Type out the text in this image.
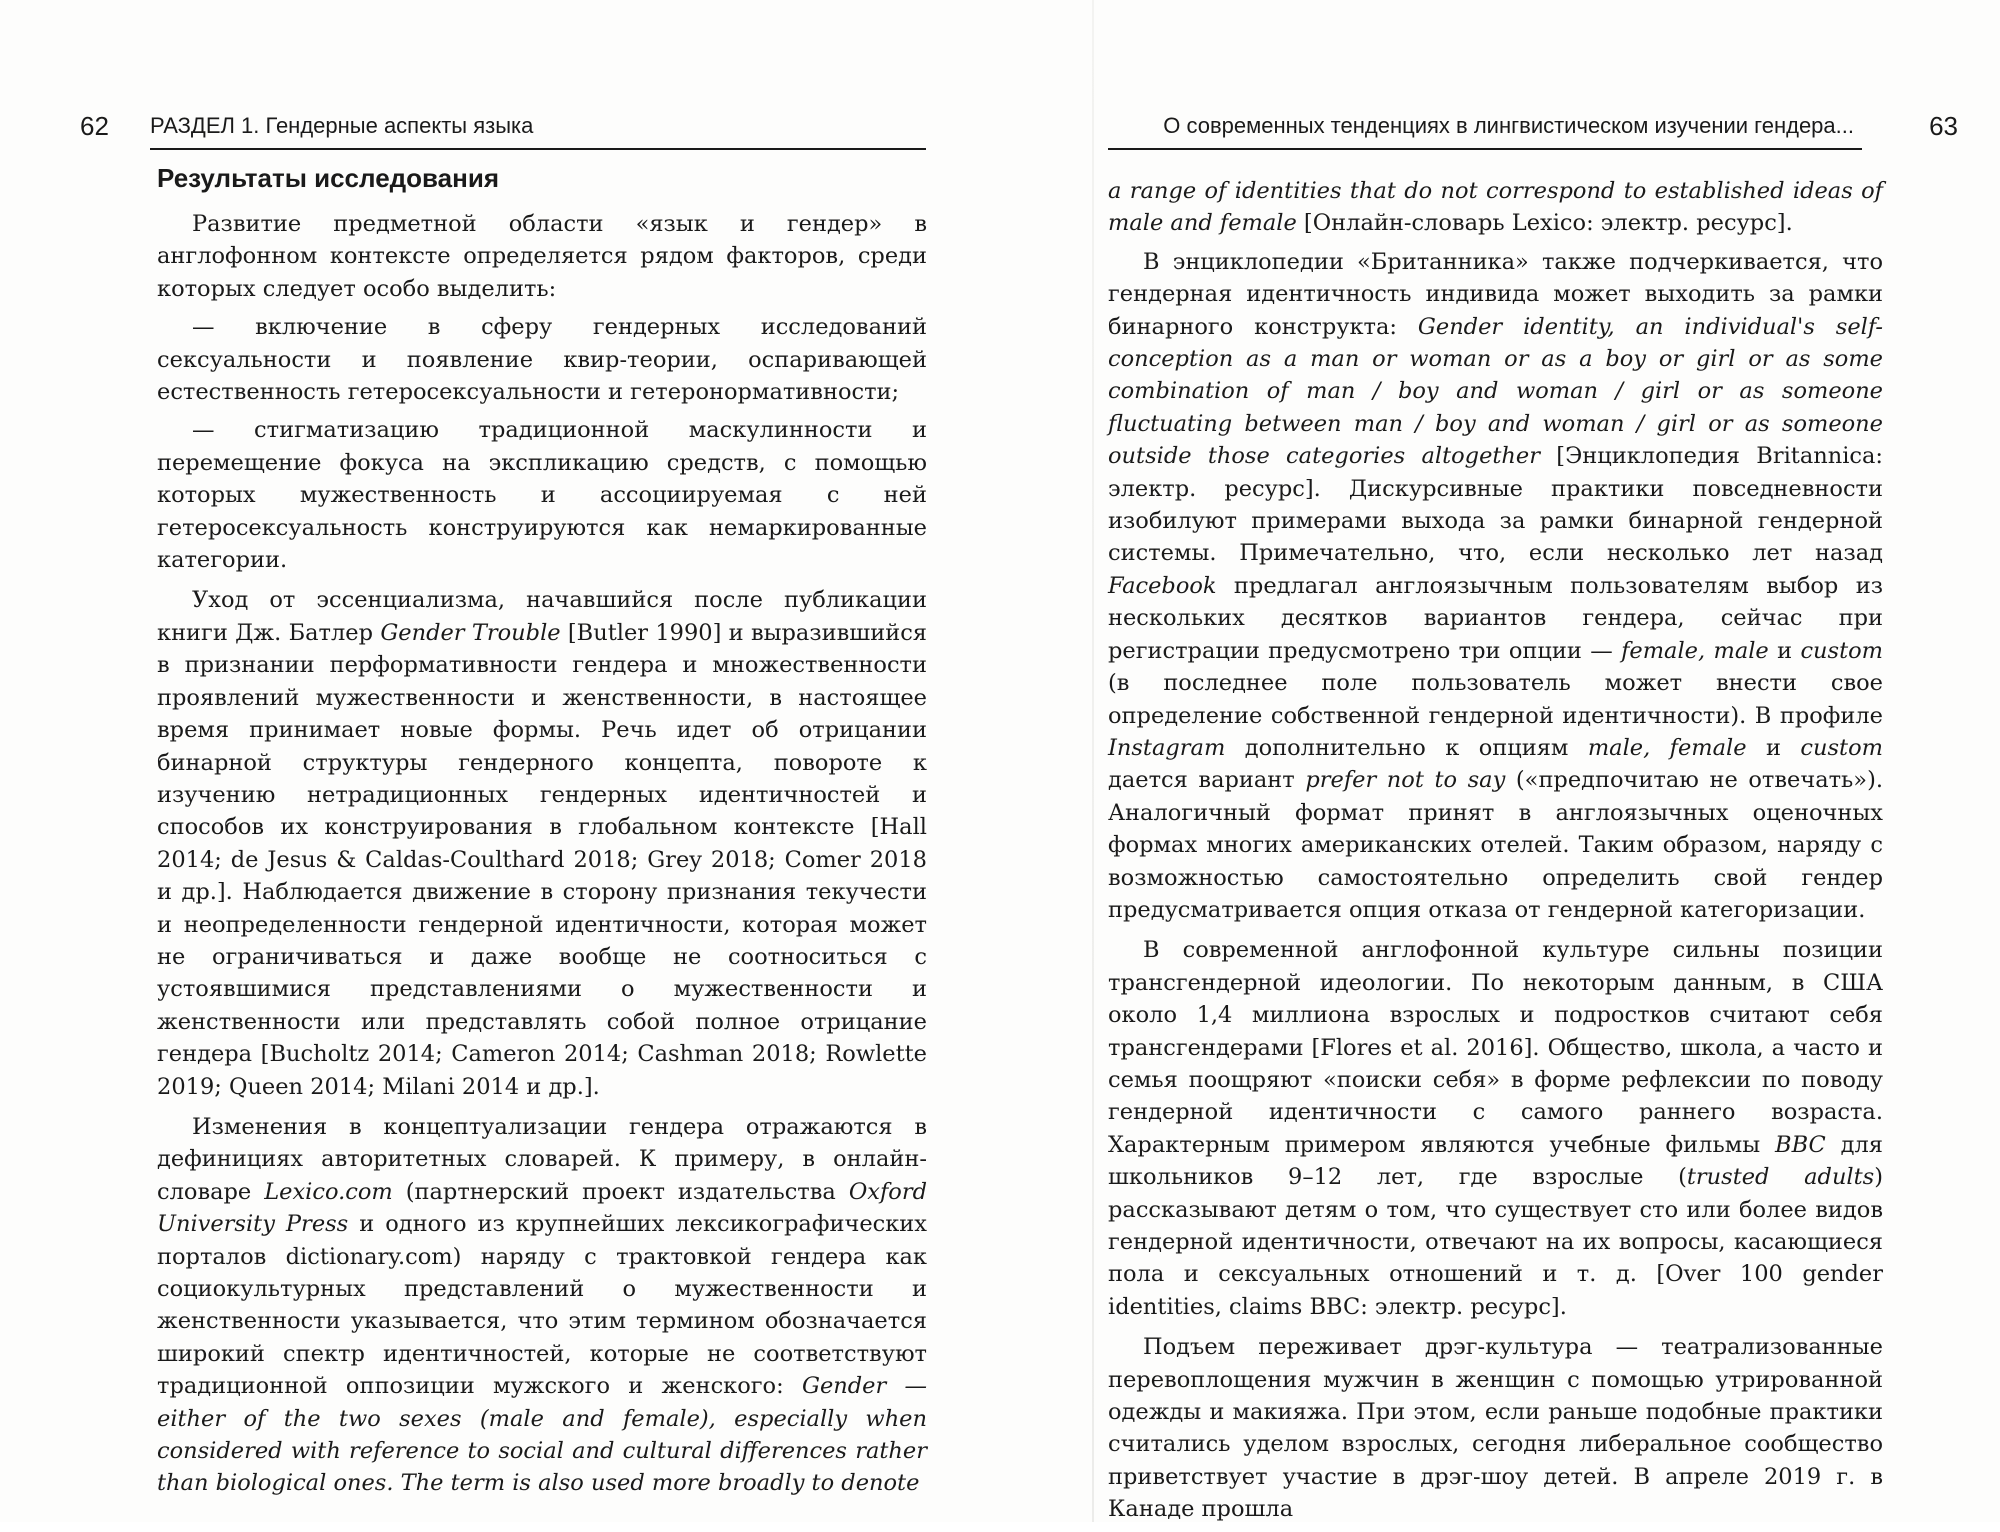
62 РАЗДЕЛ 1. Гендерные аспекты языка
Результаты исследования

Развитие предметной области «язык и гендер» в англофонном контексте определяется рядом факторов, среди которых следует особо выделить:

— включение в сферу гендерных исследований сексуальности и появление квир-теории, оспаривающей естественность гетеросексуальности и гетеронормативности;

— стигматизацию традиционной маскулинности и перемещение фокуса на экспликацию средств, с помощью которых мужественность и ассоциируемая с ней гетеросексуальность конструируются как немаркированные категории.

Уход от эссенциализма, начавшийся после публикации книги Дж. Батлер Gender Trouble [Butler 1990] и выразившийся в признании перформативности гендера и множественности проявлений мужественности и женственности, в настоящее время принимает новые формы. Речь идет об отрицании бинарной структуры гендерного концепта, повороте к изучению нетрадиционных гендерных идентичностей и способов их конструирования в глобальном контексте [Hall 2014; de Jesus & Caldas-Coulthard 2018; Grey 2018; Comer 2018 и др.]. Наблюдается движение в сторону признания текучести и неопределенности гендерной идентичности, которая может не ограничиваться и даже вообще не соотноситься с устоявшимися представлениями о мужественности и женственности или представлять собой полное отрицание гендера [Bucholtz 2014; Cameron 2014; Cashman 2018; Rowlette 2019; Queen 2014; Milani 2014 и др.].

Изменения в концептуализации гендера отражаются в дефинициях авторитетных словарей. К примеру, в онлайн-словаре Lexico.com (партнерский проект издательства Oxford University Press и одного из крупнейших лексикографических порталов dictionary.com) наряду с трактовкой гендера как социокультурных представлений о мужественности и женственности указывается, что этим термином обозначается широкий спектр идентичностей, которые не соответствуют традиционной оппозиции мужского и женского: Gender — either of the two sexes (male and female), especially when considered with reference to social and cultural differences rather than biological ones. The term is also used more broadly to denote

О современных тенденциях в лингвистическом изучении гендера...	63

a range of identities that do not correspond to established ideas of male and female [Онлайн-словарь Lexico: электр. ресурс].

В энциклопедии «Британника» также подчеркивается, что гендерная идентичность индивида может выходить за рамки бинарного конструкта: Gender identity, an individual's self-conception as a man or woman or as a boy or girl or as some combination of man / boy and woman / girl or as someone fluctuating between man / boy and woman / girl or as someone outside those categories altogether [Энциклопедия Britannica: электр. ресурс]. Дискурсивные практики повседневности изобилуют примерами выхода за рамки бинарной гендерной системы. Примечательно, что, если несколько лет назад Facebook предлагал англоязычным пользователям выбор из нескольких десятков вариантов гендера, сейчас при регистрации предусмотрено три опции — female, male и custom (в последнее поле пользователь может внести свое определение собственной гендерной идентичности). В профиле Instagram дополнительно к опциям male, female и custom дается вариант prefer not to say («предпочитаю не отвечать»). Аналогичный формат принят в англоязычных оценочных формах многих американских отелей. Таким образом, наряду с возможностью самостоятельно определить свой гендер предусматривается опция отказа от гендерной категоризации.

В современной англофонной культуре сильны позиции трансгендерной идеологии. По некоторым данным, в США около 1,4 миллиона взрослых и подростков считают себя трансгендерами [Flores et al. 2016]. Общество, школа, а часто и семья поощряют «поиски себя» в форме рефлексии по поводу гендерной идентичности с самого раннего возраста. Характерным примером являются учебные фильмы BBC для школьников 9–12 лет, где взрослые (trusted adults) рассказывают детям о том, что существует сто или более видов гендерной идентичности, отвечают на их вопросы, касающиеся пола и сексуальных отношений и т. д. [Over 100 gender identities, claims BBC: электр. ресурс].

Подъем переживает дрэг-культура — театрализованные перевоплощения мужчин в женщин с помощью утрированной одежды и макияжа. При этом, если раньше подобные практики считались уделом взрослых, сегодня либеральное сообщество приветствует участие в дрэг-шоу детей. В апреле 2019 г. в Канаде прошла
